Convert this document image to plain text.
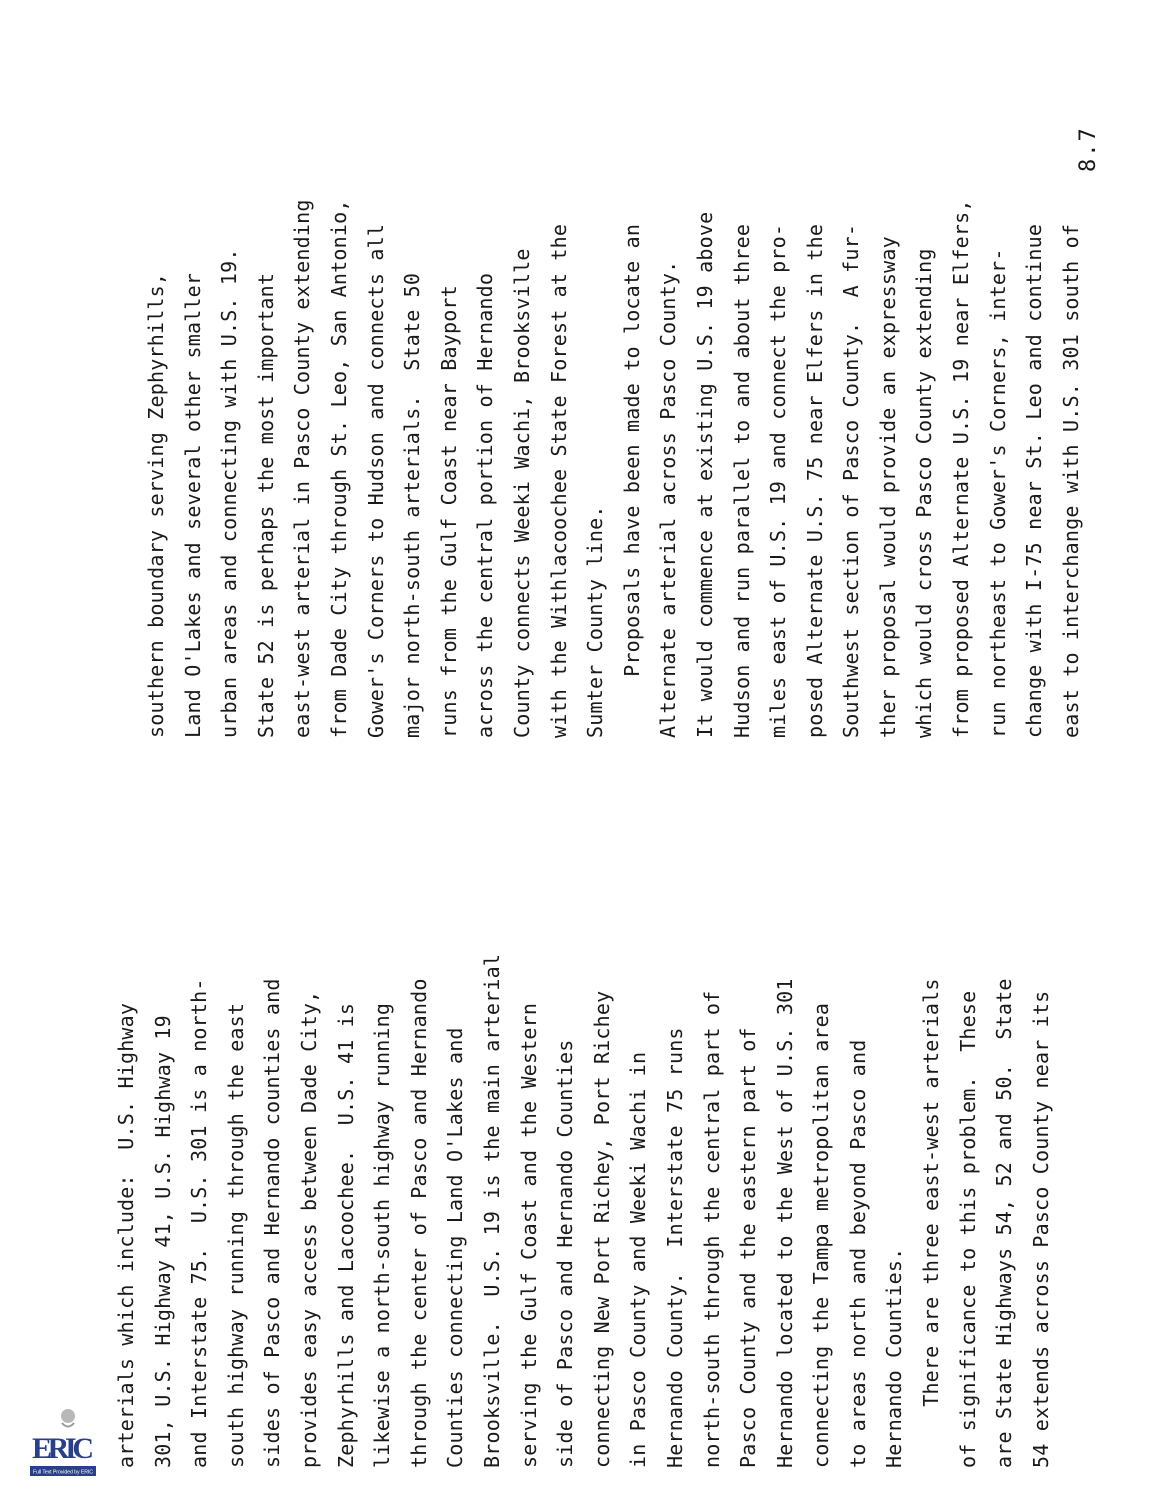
ERIC
Full Text Provided by ERIC
arterials which include:  U.S. Highway 301, U.S. Highway 41, U.S. Highway 19 and Interstate 75.  U.S. 301 is a north- south highway running through the east sides of Pasco and Hernando counties and provides easy access between Dade City, Zephyrhills and Lacoochee.  U.S. 41 is likewise a north-south highway running through the center of Pasco and Hernando Counties connecting Land O'Lakes and Brooksville.  U.S. 19 is the main arterial serving the Gulf Coast and the Western side of Pasco and Hernando Counties connecting New Port Richey, Port Richey in Pasco County and Weeki Wachi in Hernando County.  Interstate 75 runs north-south through the central part of Pasco County and the eastern part of Hernando located to the West of U.S. 301 connecting the Tampa metropolitan area to areas north and beyond Pasco and Hernando Counties. There are three east-west arterials of significance to this problem.  These are State Highways 54, 52 and 50.  State 54 extends across Pasco County near its
southern boundary serving Zephyrhills, Land O'Lakes and several other smaller urban areas and connecting with U.S. 19. State 52 is perhaps the most important east-west arterial in Pasco County extending from Dade City through St. Leo, San Antonio, Gower's Corners to Hudson and connects all major north-south arterials.  State 50 runs from the Gulf Coast near Bayport across the central portion of Hernando County connects Weeki Wachi, Brooksville with the Withlacoochee State Forest at the Sumter County line. Proposals have been made to locate an Alternate arterial across Pasco County. It would commence at existing U.S. 19 above Hudson and run parallel to and about three miles east of U.S. 19 and connect the pro- posed Alternate U.S. 75 near Elfers in the Southwest section of Pasco County.  A fur- ther proposal would provide an expressway which would cross Pasco County extending from proposed Alternate U.S. 19 near Elfers, run northeast to Gower's Corners, inter- change with I-75 near St. Leo and continue east to interchange with U.S. 301 south of
8.7
